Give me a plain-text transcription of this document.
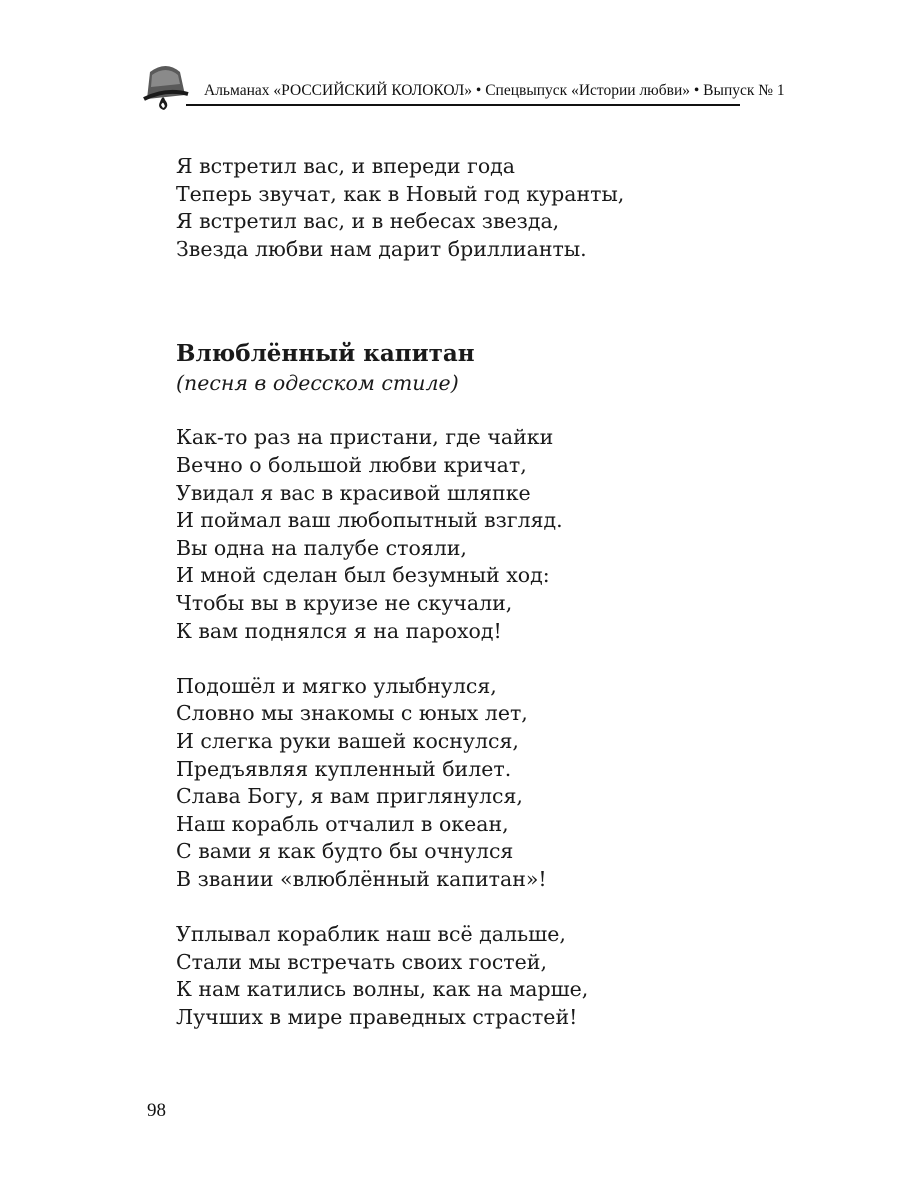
Альманах «РОССИЙСКИЙ КОЛОКОЛ» • Спецвыпуск «Истории любви» • Выпуск № 1
Я встретил вас, и впереди года
Теперь звучат, как в Новый год куранты,
Я встретил вас, и в небесах звезда,
Звезда любви нам дарит бриллианты.
Влюблённый капитан
(песня в одесском стиле)
Как-то раз на пристани, где чайки
Вечно о большой любви кричат,
Увидал я вас в красивой шляпке
И поймал ваш любопытный взгляд.
Вы одна на палубе стояли,
И мной сделан был безумный ход:
Чтобы вы в круизе не скучали,
К вам поднялся я на пароход!
Подошёл и мягко улыбнулся,
Словно мы знакомы с юных лет,
И слегка руки вашей коснулся,
Предъявляя купленный билет.
Слава Богу, я вам приглянулся,
Наш корабль отчалил в океан,
С вами я как будто бы очнулся
В звании «влюблённый капитан»!
Уплывал кораблик наш всё дальше,
Стали мы встречать своих гостей,
К нам катились волны, как на марше,
Лучших в мире праведных страстей!
98
